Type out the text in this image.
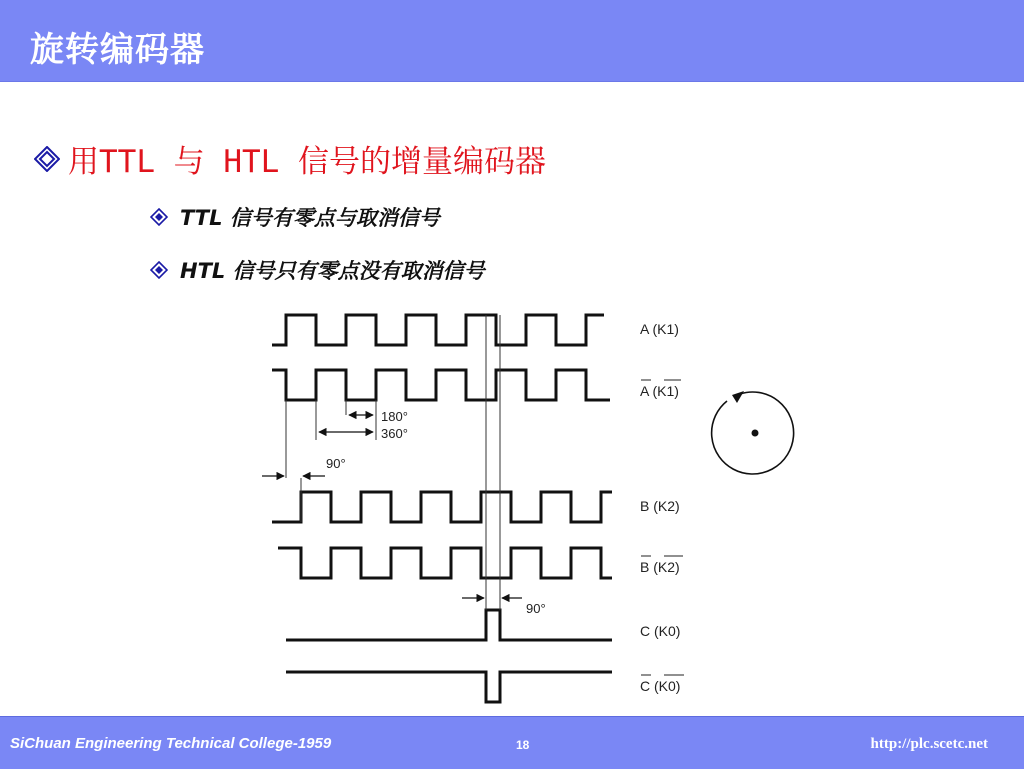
旋转编码器
用TTL 与 HTL 信号的增量编码器
TTL 信号有零点与取消信号
HTL 信号只有零点没有取消信号
180°
360°
90°
90°
A (K1)
A (K1)
B (K2)
B (K2)
C (K0)
C (K0)
SiChuan Engineering Technical College-1959	18	http://plc.scetc.net
